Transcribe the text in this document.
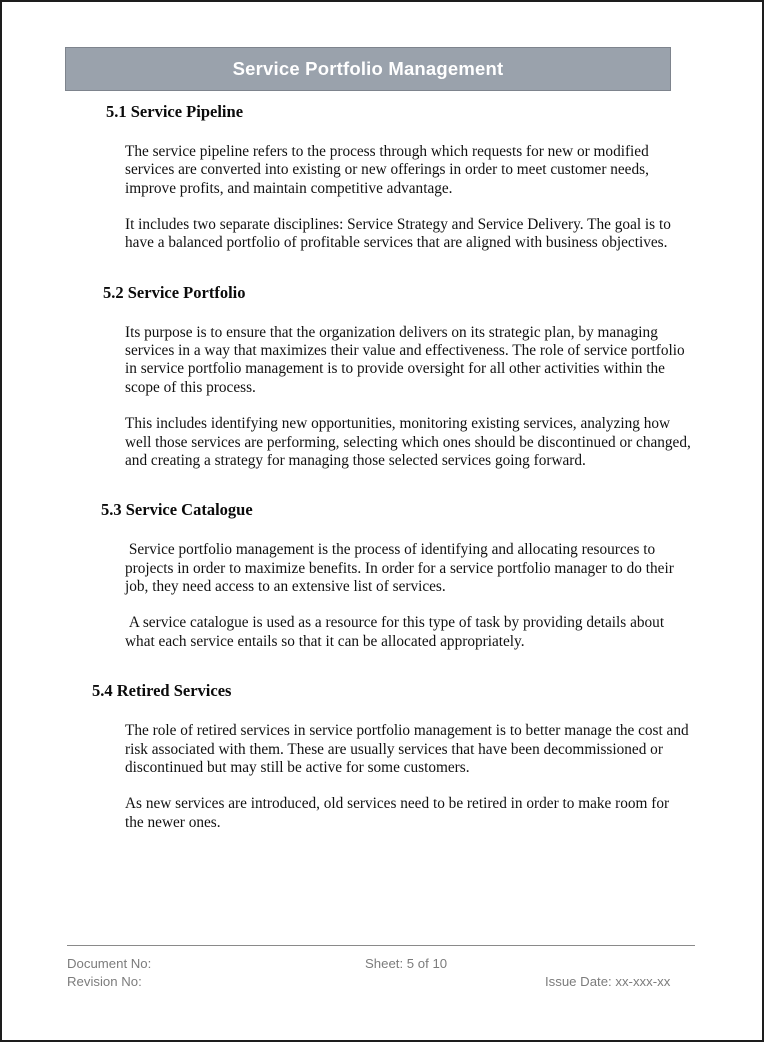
Service Portfolio Management
5.1 Service Pipeline
The service pipeline refers to the process through which requests for new or modified services are converted into existing or new offerings in order to meet customer needs, improve profits, and maintain competitive advantage.
It includes two separate disciplines: Service Strategy and Service Delivery. The goal is to have a balanced portfolio of profitable services that are aligned with business objectives.
5.2 Service Portfolio
Its purpose is to ensure that the organization delivers on its strategic plan, by managing services in a way that maximizes their value and effectiveness. The role of service portfolio in service portfolio management is to provide oversight for all other activities within the scope of this process.
This includes identifying new opportunities, monitoring existing services, analyzing how well those services are performing, selecting which ones should be discontinued or changed, and creating a strategy for managing those selected services going forward.
5.3 Service Catalogue
Service portfolio management is the process of identifying and allocating resources to projects in order to maximize benefits. In order for a service portfolio manager to do their job, they need access to an extensive list of services.
A service catalogue is used as a resource for this type of task by providing details about what each service entails so that it can be allocated appropriately.
5.4 Retired Services
The role of retired services in service portfolio management is to better manage the cost and risk associated with them. These are usually services that have been decommissioned or discontinued but may still be active for some customers.
As new services are introduced, old services need to be retired in order to make room for the newer ones.
Document No:
Revision No:
Sheet: 5 of 10
Issue Date: xx-xxx-xx
